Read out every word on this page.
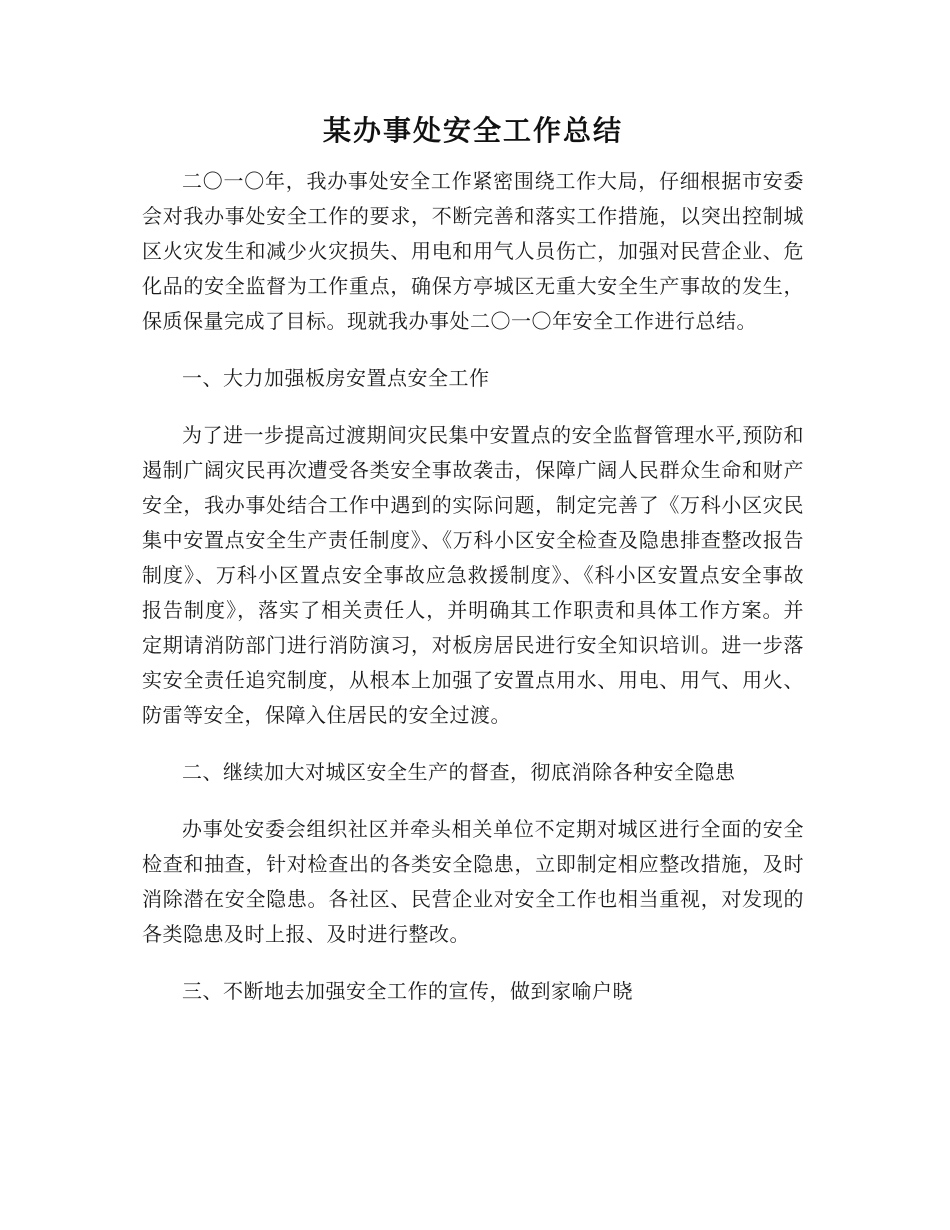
某办事处安全工作总结

二〇一〇年，我办事处安全工作紧密围绕工作大局，仔细根据市安委会对我办事处安全工作的要求，不断完善和落实工作措施，以突出控制城区火灾发生和减少火灾损失、用电和用气人员伤亡，加强对民营企业、危化品的安全监督为工作重点，确保方亭城区无重大安全生产事故的发生，保质保量完成了目标。现就我办事处二〇一〇年安全工作进行总结。

一、大力加强板房安置点安全工作

为了进一步提高过渡期间灾民集中安置点的安全监督管理水平,预防和遏制广阔灾民再次遭受各类安全事故袭击，保障广阔人民群众生命和财产安全，我办事处结合工作中遇到的实际问题，制定完善了《万科小区灾民集中安置点安全生产责任制度》、《万科小区安全检查及隐患排查整改报告制度》、万科小区置点安全事故应急救援制度》、《科小区安置点安全事故报告制度》，落实了相关责任人，并明确其工作职责和具体工作方案。并定期请消防部门进行消防演习，对板房居民进行安全知识培训。进一步落实安全责任追究制度，从根本上加强了安置点用水、用电、用气、用火、防雷等安全，保障入住居民的安全过渡。

二、继续加大对城区安全生产的督查，彻底消除各种安全隐患

办事处安委会组织社区并牵头相关单位不定期对城区进行全面的安全检查和抽查，针对检查出的各类安全隐患，立即制定相应整改措施，及时消除潜在安全隐患。各社区、民营企业对安全工作也相当重视，对发现的各类隐患及时上报、及时进行整改。

三、不断地去加强安全工作的宣传，做到家喻户晓
